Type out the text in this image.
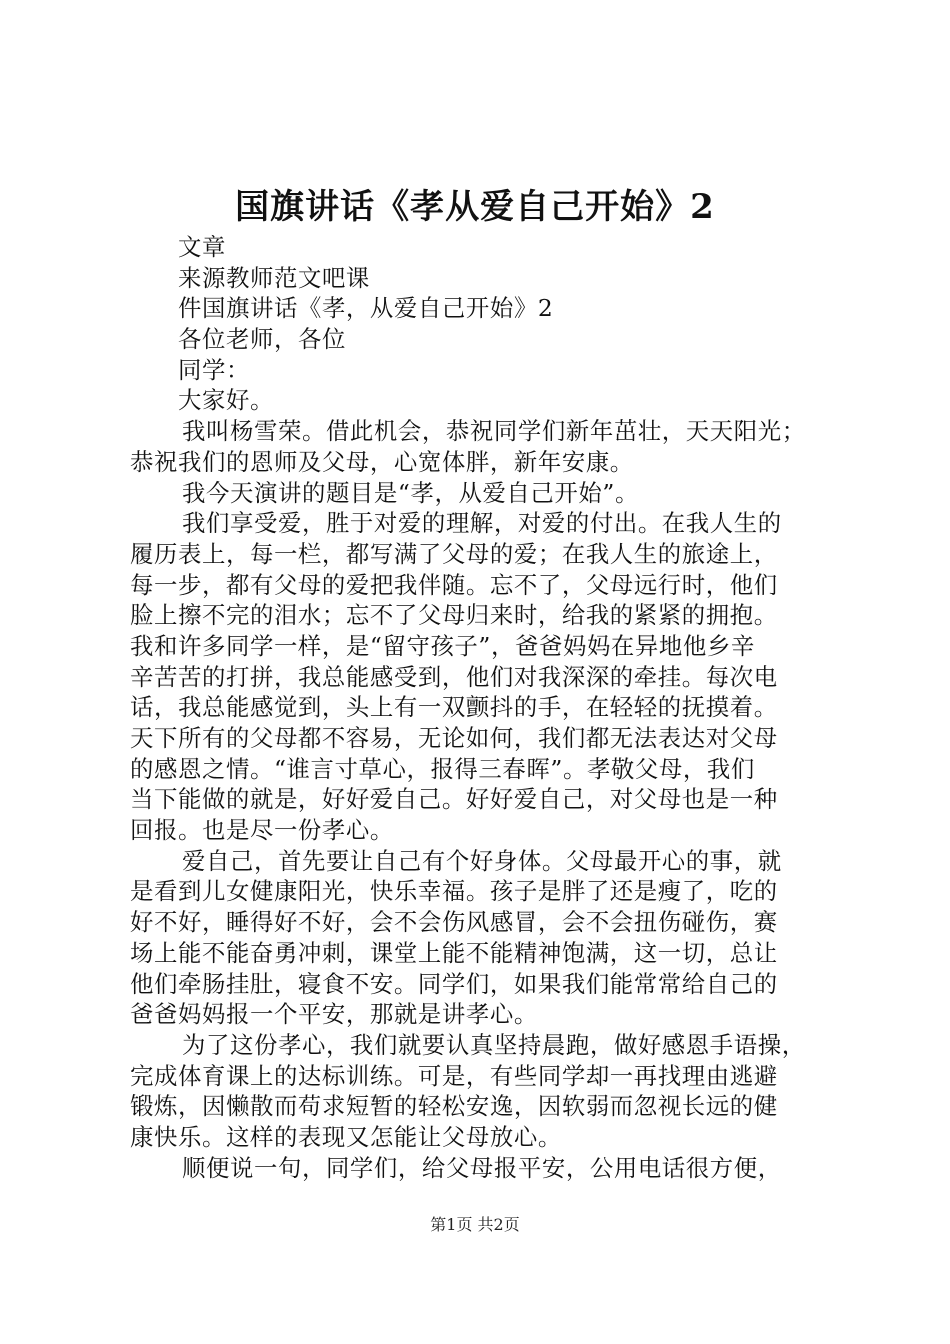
国旗讲话《孝从爱自己开始》2
文章
来源教师范文吧课
件国旗讲话《孝，从爱自己开始》2
各位老师，各位
同学：
大家好。
我叫杨雪荣。借此机会，恭祝同学们新年茁壮，天天阳光；
恭祝我们的恩师及父母，心宽体胖，新年安康。
我今天演讲的题目是“孝，从爱自己开始”。
我们享受爱，胜于对爱的理解，对爱的付出。在我人生的
履历表上，每一栏，都写满了父母的爱；在我人生的旅途上，
每一步，都有父母的爱把我伴随。忘不了，父母远行时，他们
脸上擦不完的泪水；忘不了父母归来时，给我的紧紧的拥抱。
我和许多同学一样，是“留守孩子”，爸爸妈妈在异地他乡辛
辛苦苦的打拼，我总能感受到，他们对我深深的牵挂。每次电
话，我总能感觉到，头上有一双颤抖的手，在轻轻的抚摸着。
天下所有的父母都不容易，无论如何，我们都无法表达对父母
的感恩之情。“谁言寸草心，报得三春晖”。孝敬父母，我们
当下能做的就是，好好爱自己。好好爱自己，对父母也是一种
回报。也是尽一份孝心。
爱自己，首先要让自己有个好身体。父母最开心的事，就
是看到儿女健康阳光，快乐幸福。孩子是胖了还是瘦了，吃的
好不好，睡得好不好，会不会伤风感冒，会不会扭伤碰伤，赛
场上能不能奋勇冲刺，课堂上能不能精神饱满，这一切，总让
他们牵肠挂肚，寝食不安。同学们，如果我们能常常给自己的
爸爸妈妈报一个平安，那就是讲孝心。
为了这份孝心，我们就要认真坚持晨跑，做好感恩手语操，
完成体育课上的达标训练。可是，有些同学却一再找理由逃避
锻炼，因懒散而苟求短暂的轻松安逸，因软弱而忽视长远的健
康快乐。这样的表现又怎能让父母放心。
顺便说一句，同学们，给父母报平安，公用电话很方便，
第1页 共2页
